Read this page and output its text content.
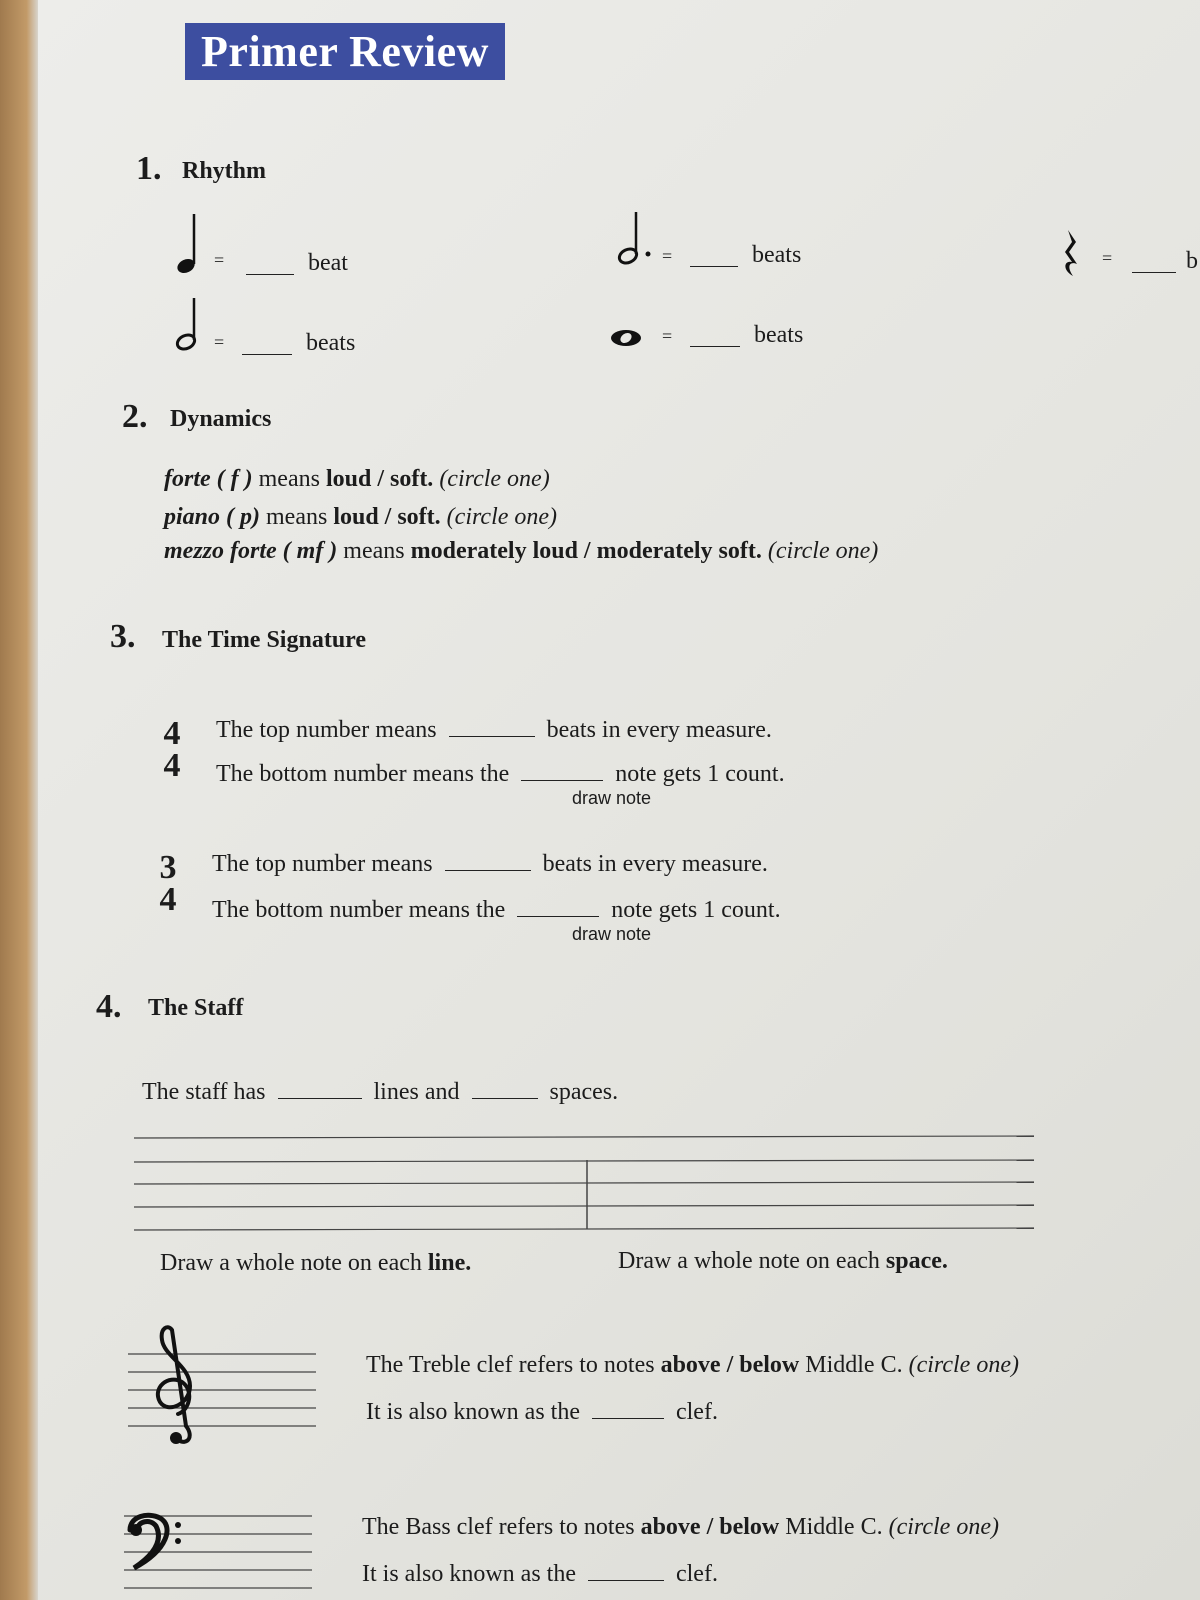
Primer Review
1. Rhythm
=	beat	=	beats	=	b
=	beats	=	beats
2. Dynamics
forte ( f ) means loud / soft. (circle one)
piano ( p) means loud / soft. (circle one)
mezzo forte ( mf ) means moderately loud / moderately soft. (circle one)
3. The Time Signature
4
4
The top number means	beats in every measure.
The bottom number means the	note gets 1 count.
draw note
3
4
The top number means	beats in every measure.
The bottom number means the	note gets 1 count.
draw note
4. The Staff
The staff has	lines and	spaces.
Draw a whole note on each line.	Draw a whole note on each space.
The Treble clef refers to notes above / below Middle C. (circle one)
It is also known as the	clef.
The Bass clef refers to notes above / below Middle C. (circle one)
It is also known as the	clef.
